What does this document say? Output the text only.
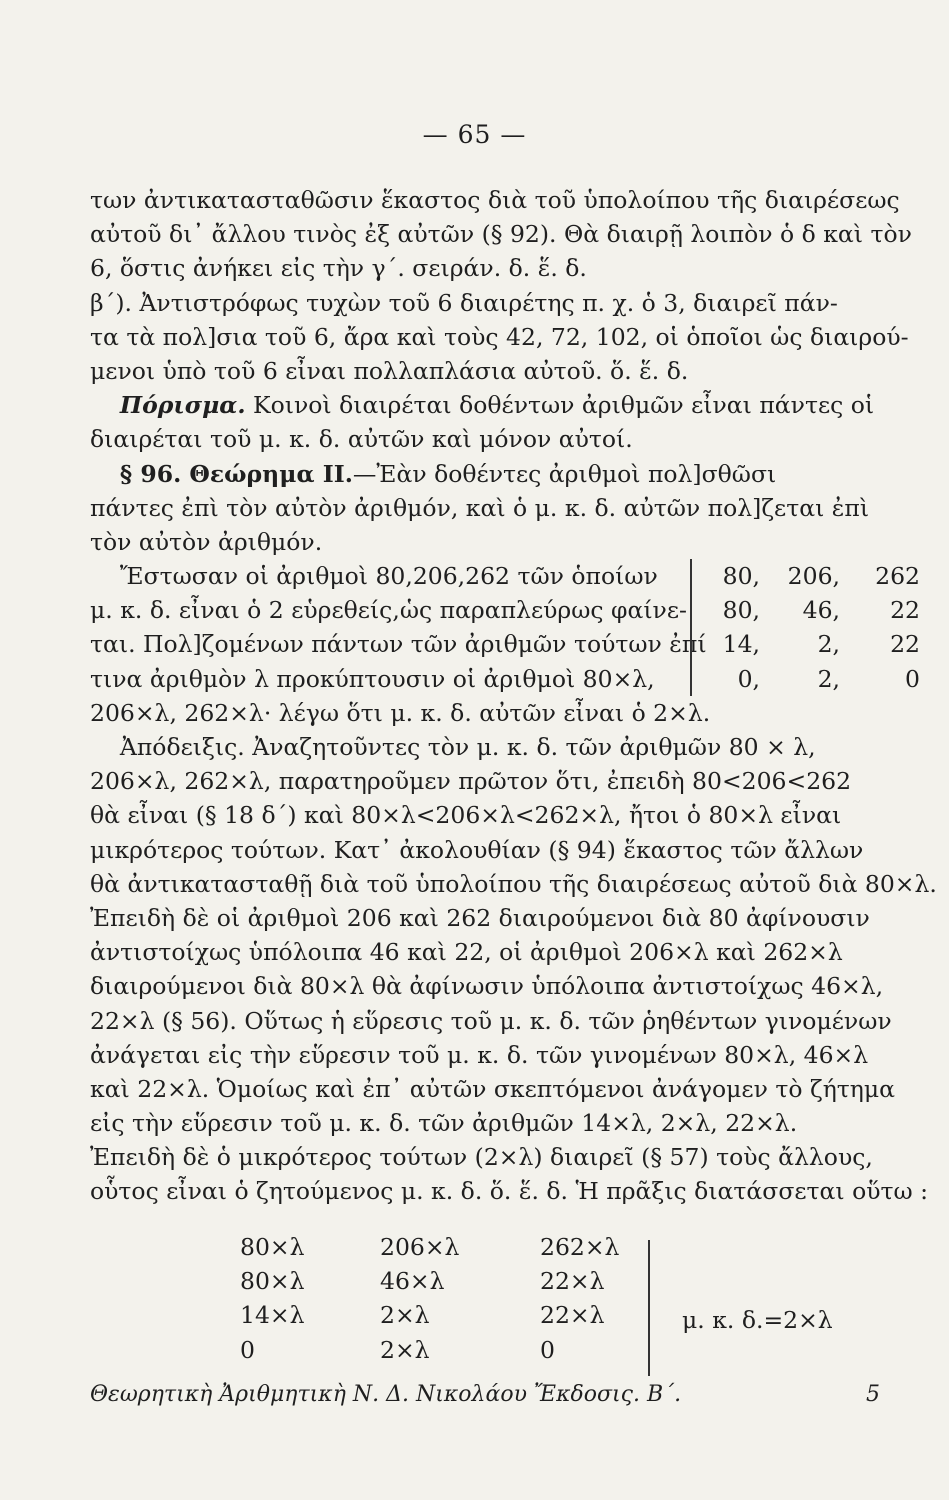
— 65 —
των ἀντικατασταθῶσιν ἕκαστος διὰ τοῦ ὑπολοίπου τῆς διαιρέσεως
αὐτοῦ δι᾽ ἄλλου τινὸς ἐξ αὐτῶν (§ 92). Θὰ διαιρῇ λοιπὸν ὁ δ καὶ τὸν
6, ὅστις ἀνήκει εἰς τὴν γ΄. σειράν. δ. ἕ. δ.
β΄). Ἀντιστρόφως τυχὼν τοῦ 6 διαιρέτης π. χ. ὁ 3, διαιρεῖ πάν-
τα τὰ πολ]σια τοῦ 6, ἄρα καὶ τοὺς 42, 72, 102, οἱ ὁποῖοι ὡς διαιρού-
μενοι ὑπὸ τοῦ 6 εἶναι πολλαπλάσια αὐτοῦ. ὅ. ἕ. δ.
Πόρισμα. Κοινοὶ διαιρέται δοθέντων ἀριθμῶν εἶναι πάντες οἱ
διαιρέται τοῦ μ. κ. δ. αὐτῶν καὶ μόνον αὐτοί.
§ 96. Θεώρημα ΙΙ.—Ἐὰν δοθέντες ἀριθμοὶ πολ]σθῶσι
πάντες ἐπὶ τὸν αὐτὸν ἀριθμόν, καὶ ὁ μ. κ. δ. αὐτῶν πολ]ζεται ἐπὶ
τὸν αὐτὸν ἀριθμόν.
Ἔστωσαν οἱ ἀριθμοὶ 80,206,262 τῶν ὁποίων
μ. κ. δ. εἶναι ὁ 2 εὑρεθείς,ὡς παραπλεύρως φαίνε-
ται. Πολ]ζομένων πάντων τῶν ἀριθμῶν τούτων ἐπί
τινα ἀριθμὸν λ προκύπτουσιν οἱ ἀριθμοὶ 80×λ,
80,	206,	262
80,	46,	22
14,	2,	22
0,	2,	0
206×λ, 262×λ· λέγω ὅτι μ. κ. δ. αὐτῶν εἶναι ὁ 2×λ.
Ἀπόδειξις. Ἀναζητοῦντες τὸν μ. κ. δ. τῶν ἀριθμῶν 80 × λ,
206×λ, 262×λ, παρατηροῦμεν πρῶτον ὅτι, ἐπειδὴ 80<206<262
θὰ εἶναι (§ 18 δ΄) καὶ 80×λ<206×λ<262×λ, ἤτοι ὁ 80×λ εἶναι
μικρότερος τούτων. Κατ᾽ ἀκολουθίαν (§ 94) ἕκαστος τῶν ἄλλων
θὰ ἀντικατασταθῇ διὰ τοῦ ὑπολοίπου τῆς διαιρέσεως αὐτοῦ διὰ 80×λ.
Ἐπειδὴ δὲ οἱ ἀριθμοὶ 206 καὶ 262 διαιρούμενοι διὰ 80 ἀφίνουσιν
ἀντιστοίχως ὑπόλοιπα 46 καὶ 22, οἱ ἀριθμοὶ 206×λ καὶ 262×λ
διαιρούμενοι διὰ 80×λ θὰ ἀφίνωσιν ὑπόλοιπα ἀντιστοίχως 46×λ,
22×λ (§ 56). Οὕτως ἡ εὕρεσις τοῦ μ. κ. δ. τῶν ῥηθέντων γινομένων
ἀνάγεται εἰς τὴν εὕρεσιν τοῦ μ. κ. δ. τῶν γινομένων 80×λ, 46×λ
καὶ 22×λ. Ὁμοίως καὶ ἐπ᾽ αὐτῶν σκεπτόμενοι ἀνάγομεν τὸ ζήτημα
εἰς τὴν εὕρεσιν τοῦ μ. κ. δ. τῶν ἀριθμῶν 14×λ, 2×λ, 22×λ.
Ἐπειδὴ δὲ ὁ μικρότερος τούτων (2×λ) διαιρεῖ (§ 57) τοὺς ἄλλους,
οὗτος εἶναι ὁ ζητούμενος μ. κ. δ. ὅ. ἕ. δ. Ἡ πρᾶξις διατάσσεται οὕτω :
80×λ	206×λ	262×λ
80×λ	46×λ	22×λ
14×λ	2×λ	22×λ
0	2×λ	0
μ. κ. δ.=2×λ
Θεωρητικὴ Ἀριθμητικὴ Ν. Δ. Νικολάου Ἔκδοσις. Β΄.	5
